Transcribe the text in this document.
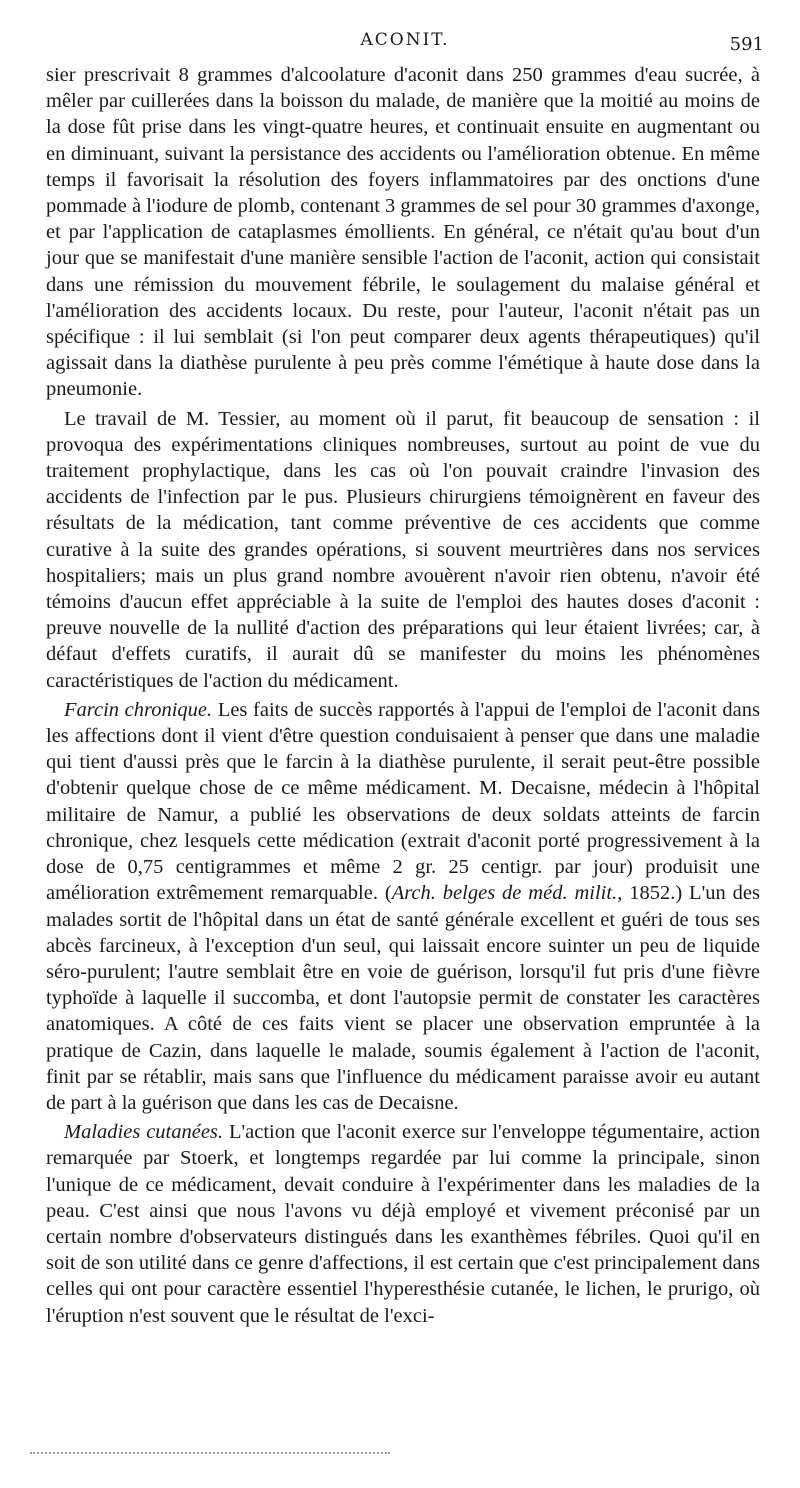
ACONIT.	591

sier prescrivait 8 grammes d'alcoolature d'aconit dans 250 grammes d'eau sucrée, à mêler par cuillerées dans la boisson du malade, de manière que la moitié au moins de la dose fût prise dans les vingt-quatre heures, et continuait ensuite en augmentant ou en diminuant, suivant la persistance des accidents ou l'amélioration obtenue. En même temps il favorisait la résolution des foyers inflammatoires par des onctions d'une pommade à l'iodure de plomb, contenant 3 grammes de sel pour 30 grammes d'axonge, et par l'application de cataplasmes émollients. En général, ce n'était qu'au bout d'un jour que se manifestait d'une manière sensible l'action de l'aconit, action qui consistait dans une rémission du mouvement fébrile, le soulagement du malaise général et l'amélioration des accidents locaux. Du reste, pour l'auteur, l'aconit n'était pas un spécifique : il lui semblait (si l'on peut comparer deux agents thérapeutiques) qu'il agissait dans la diathèse purulente à peu près comme l'émétique à haute dose dans la pneumonie.

Le travail de M. Tessier, au moment où il parut, fit beaucoup de sensation : il provoqua des expérimentations cliniques nombreuses, surtout au point de vue du traitement prophylactique, dans les cas où l'on pouvait craindre l'invasion des accidents de l'infection par le pus. Plusieurs chirurgiens témoignèrent en faveur des résultats de la médication, tant comme préventive de ces accidents que comme curative à la suite des grandes opérations, si souvent meurtrières dans nos services hospitaliers; mais un plus grand nombre avouèrent n'avoir rien obtenu, n'avoir été témoins d'aucun effet appréciable à la suite de l'emploi des hautes doses d'aconit : preuve nouvelle de la nullité d'action des préparations qui leur étaient livrées; car, à défaut d'effets curatifs, il aurait dû se manifester du moins les phénomènes caractéristiques de l'action du médicament.

Farcin chronique. Les faits de succès rapportés à l'appui de l'emploi de l'aconit dans les affections dont il vient d'être question conduisaient à penser que dans une maladie qui tient d'aussi près que le farcin à la diathèse purulente, il serait peut-être possible d'obtenir quelque chose de ce même médicament. M. Decaisne, médecin à l'hôpital militaire de Namur, a publié les observations de deux soldats atteints de farcin chronique, chez lesquels cette médication (extrait d'aconit porté progressivement à la dose de 0,75 centigrammes et même 2 gr. 25 centigr. par jour) produisit une amélioration extrêmement remarquable. (Arch. belges de méd. milit., 1852.) L'un des malades sortit de l'hôpital dans un état de santé générale excellent et guéri de tous ses abcès farcineux, à l'exception d'un seul, qui laissait encore suinter un peu de liquide séro-purulent; l'autre semblait être en voie de guérison, lorsqu'il fut pris d'une fièvre typhoïde à laquelle il succomba, et dont l'autopsie permit de constater les caractères anatomiques. A côté de ces faits vient se placer une observation empruntée à la pratique de Cazin, dans laquelle le malade, soumis également à l'action de l'aconit, finit par se rétablir, mais sans que l'influence du médicament paraisse avoir eu autant de part à la guérison que dans les cas de Decaisne.

Maladies cutanées. L'action que l'aconit exerce sur l'enveloppe tégumentaire, action remarquée par Stoerk, et longtemps regardée par lui comme la principale, sinon l'unique de ce médicament, devait conduire à l'expérimenter dans les maladies de la peau. C'est ainsi que nous l'avons vu déjà employé et vivement préconisé par un certain nombre d'observateurs distingués dans les exanthèmes fébriles. Quoi qu'il en soit de son utilité dans ce genre d'affections, il est certain que c'est principalement dans celles qui ont pour caractère essentiel l'hyperesthésie cutanée, le lichen, le prurigo, où l'éruption n'est souvent que le résultat de l'exci-
